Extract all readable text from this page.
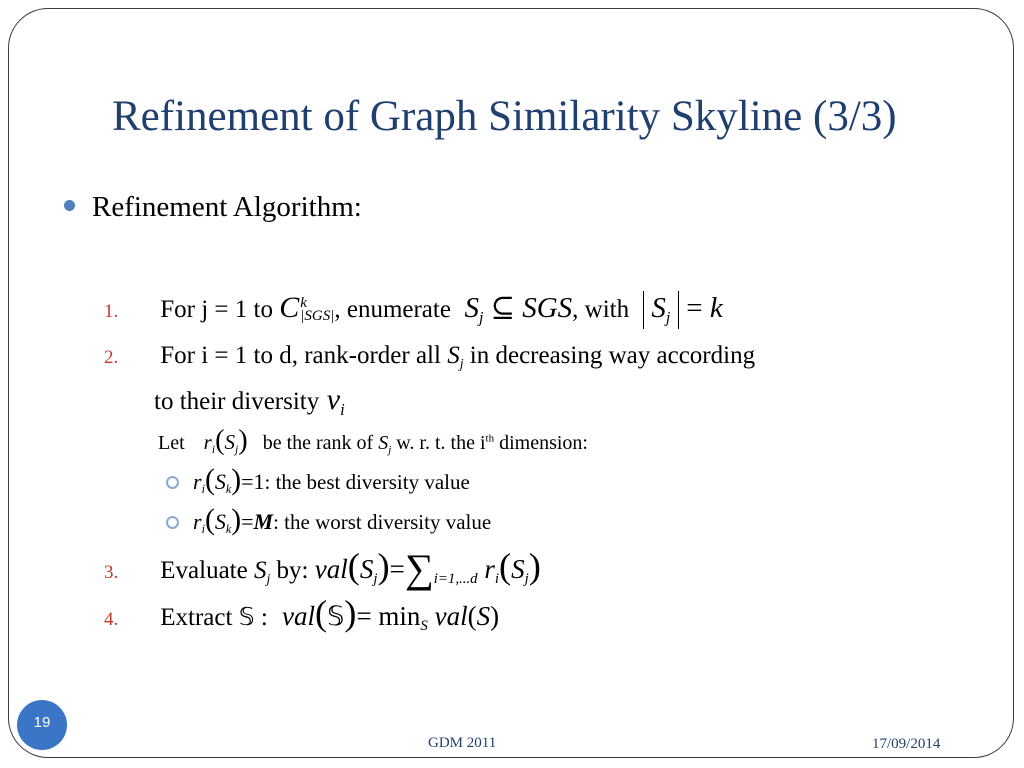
Refinement of Graph Similarity Skyline (3/3)
Refinement Algorithm:
1. For j = 1 to C k
|SGS| , enumerate  $S_j$ ⊆ SGS, with   $S_j = k$
2. For i = 1 to d, rank-order all $S_j$ in decreasing way according
to their diversity $\nu_i$
Let $r_i(S_j)$ be the rank of $S_j$ w. r. t. the $i^{th}$ dimension:
$r_i(S_k)=1$: the best diversity value
$r_i(S_k)=M$: the worst diversity value
3. Evaluate $S_j$ by: $val(S_j)=\sum_{i=1,...d}$ $r_i(S_j)$
4. Extract 𝕊 : val(𝕊)= $\min_S val(S)$
19
GDM 2011	17/09/2014
